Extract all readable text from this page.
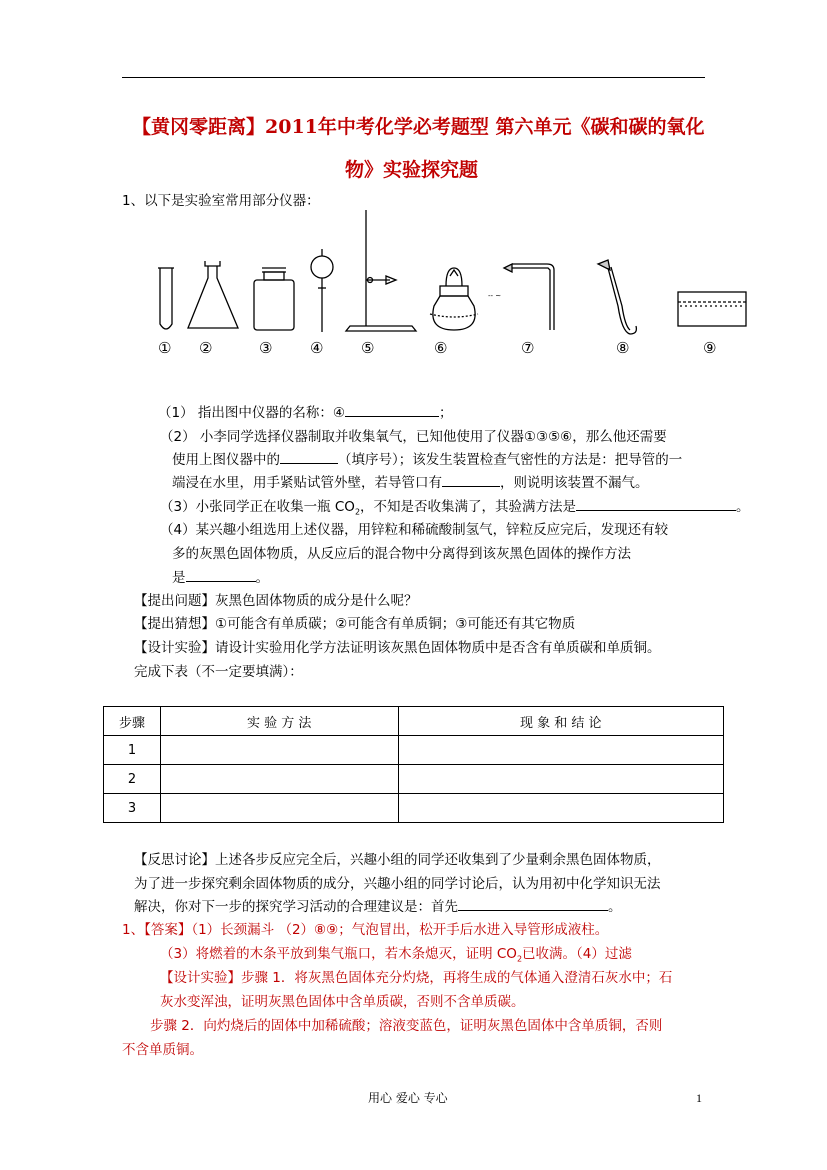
【黄冈零距离】2011年中考化学必考题型 第六单元《碳和碳的氧化
物》实验探究题
1、以下是实验室常用部分仪器：
-- ~
① ②	③	④	⑤	⑥	⑦	⑧	⑨
（1） 指出图中仪器的名称：④	；
（2） 小李同学选择仪器制取并收集氧气，已知他使用了仪器①③⑤⑥，那么他还需要
使用上图仪器中的	（填序号）；该发生装置检查气密性的方法是：把导管的一
端浸在水里，用手紧贴试管外壁，若导管口有	，则说明该装置不漏气。
（3）小张同学正在收集一瓶 $CO_2$，不知是否收集满了，其验满方法是	。
（4）某兴趣小组选用上述仪器，用锌粒和稀硫酸制氢气，锌粒反应完后，发现还有较
多的灰黑色固体物质，从反应后的混合物中分离得到该灰黑色固体的操作方法
是	。
【提出问题】灰黑色固体物质的成分是什么呢？
【提出猜想】①可能含有单质碳；②可能含有单质铜；③可能还有其它物质
【设计实验】请设计实验用化学方法证明该灰黑色固体物质中是否含有单质碳和单质铜。
完成下表（不一定要填满）：
步骤	实 验 方 法	现 象 和 结 论
1		
2		
3		
【反思讨论】上述各步反应完全后，兴趣小组的同学还收集到了少量剩余黑色固体物质，
为了进一步探究剩余固体物质的成分，兴趣小组的同学讨论后，认为用初中化学知识无法
解决，你对下一步的探究学习活动的合理建议是：首先	。
1、【答案】（1）长颈漏斗 （2）⑧⑨；气泡冒出，松开手后水进入导管形成液柱。
（3）将燃着的木条平放到集气瓶口，若木条熄灭，证明 $CO_2$已收满。（4）过滤
【设计实验】步骤 1．将灰黑色固体充分灼烧，再将生成的气体通入澄清石灰水中；石
灰水变浑浊，证明灰黑色固体中含单质碳，否则不含单质碳。
步骤 2．向灼烧后的固体中加稀硫酸；溶液变蓝色，证明灰黑色固体中含单质铜，否则
不含单质铜。
用心 爱心 专心	1
